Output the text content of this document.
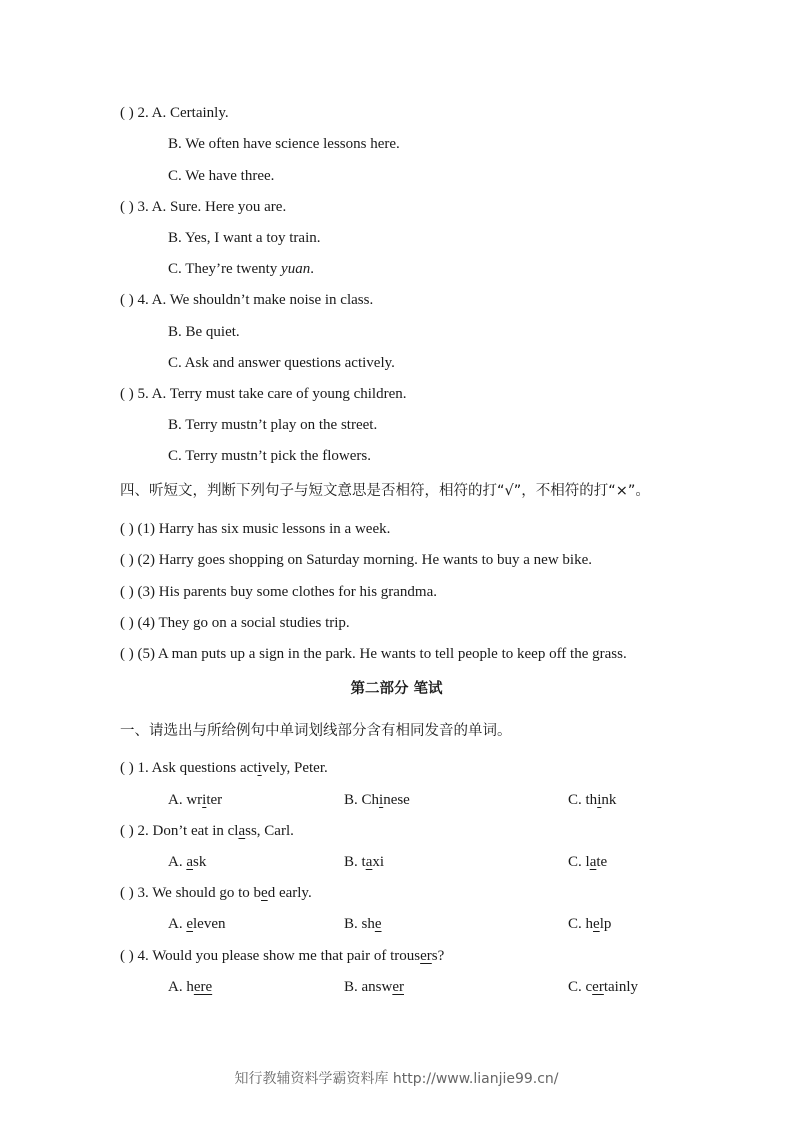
( ) 2. A. Certainly.
B. We often have science lessons here.
C. We have three.
( ) 3. A. Sure. Here you are.
B. Yes, I want a toy train.
C. They’re twenty yuan.
( ) 4. A. We shouldn’t make noise in class.
B. Be quiet.
C. Ask and answer questions actively.
( ) 5. A. Terry must take care of young children.
B. Terry mustn’t play on the street.
C. Terry mustn’t pick the flowers.
四、听短文，判断下列句子与短文意思是否相符，相符的打“√”，不相符的打“×”。
( ) (1) Harry has six music lessons in a week.
( ) (2) Harry goes shopping on Saturday morning. He wants to buy a new bike.
( ) (3) His parents buy some clothes for his grandma.
( ) (4) They go on a social studies trip.
( ) (5) A man puts up a sign in the park. He wants to tell people to keep off the grass.
第二部分 笔试
一、请选出与所给例句中单词划线部分含有相同发音的单词。
( ) 1. Ask questions actively, Peter.
A. writer	B. Chinese	C. think
( ) 2. Don’t eat in class, Carl.
A. ask	B. taxi	C. late
( ) 3. We should go to bed early.
A. eleven	B. she	C. help
( ) 4. Would you please show me that pair of trousers?
A. here	B. answer	C. certainly
知行教辅资料学霸资料库 http://www.lianjie99.cn/
